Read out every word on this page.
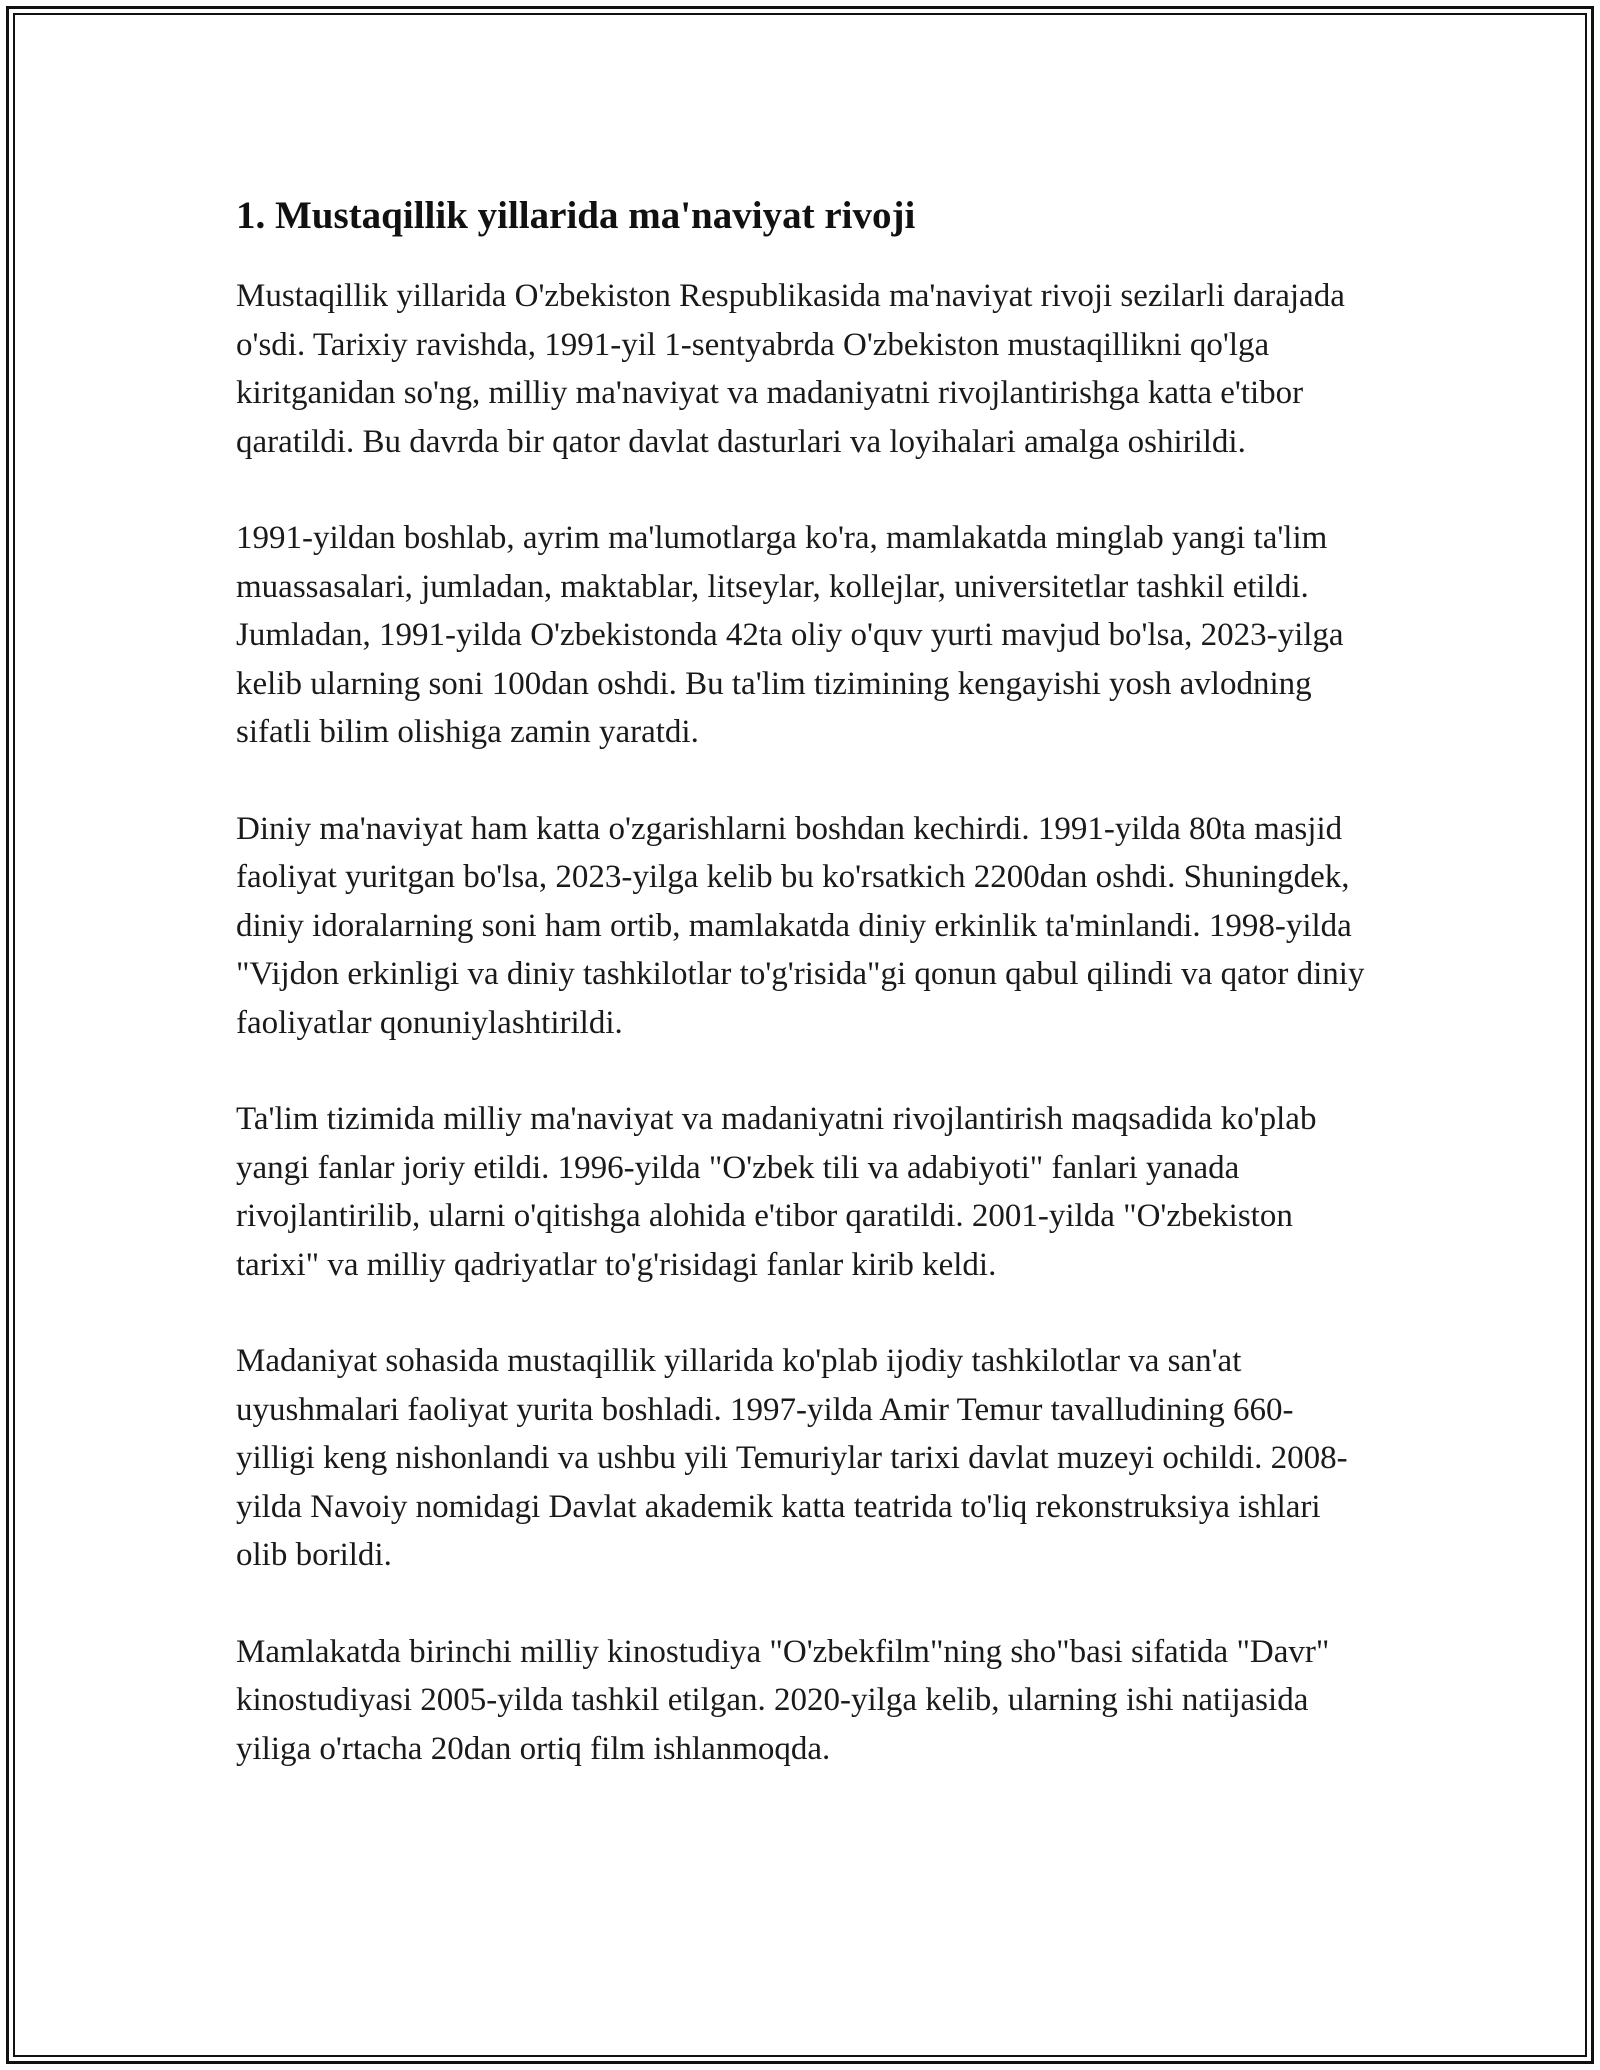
1. Mustaqillik yillarida ma'naviyat rivoji

Mustaqillik yillarida O'zbekiston Respublikasida ma'naviyat rivoji sezilarli darajada o'sdi. Tarixiy ravishda, 1991-yil 1-sentyabrda O'zbekiston mustaqillikni qo'lga kiritganidan so'ng, milliy ma'naviyat va madaniyatni rivojlantirishga katta e'tibor qaratildi. Bu davrda bir qator davlat dasturlari va loyihalari amalga oshirildi.

1991-yildan boshlab, ayrim ma'lumotlarga ko'ra, mamlakatda minglab yangi ta'lim muassasalari, jumladan, maktablar, litseylar, kollejlar, universitetlar tashkil etildi. Jumladan, 1991-yilda O'zbekistonda 42ta oliy o'quv yurti mavjud bo'lsa, 2023-yilga kelib ularning soni 100dan oshdi. Bu ta'lim tizimining kengayishi yosh avlodning sifatli bilim olishiga zamin yaratdi.

Diniy ma'naviyat ham katta o'zgarishlarni boshdan kechirdi. 1991-yilda 80ta masjid faoliyat yuritgan bo'lsa, 2023-yilga kelib bu ko'rsatkich 2200dan oshdi. Shuningdek, diniy idoralarning soni ham ortib, mamlakatda diniy erkinlik ta'minlandi. 1998-yilda "Vijdon erkinligi va diniy tashkilotlar to'g'risida"gi qonun qabul qilindi va qator diniy faoliyatlar qonuniylashtirildi.

Ta'lim tizimida milliy ma'naviyat va madaniyatni rivojlantirish maqsadida ko'plab yangi fanlar joriy etildi. 1996-yilda "O'zbek tili va adabiyoti" fanlari yanada rivojlantirilib, ularni o'qitishga alohida e'tibor qaratildi. 2001-yilda "O'zbekiston tarixi" va milliy qadriyatlar to'g'risidagi fanlar kirib keldi.

Madaniyat sohasida mustaqillik yillarida ko'plab ijodiy tashkilotlar va san'at uyushmalari faoliyat yurita boshladi. 1997-yilda Amir Temur tavalludining 660-yilligi keng nishonlandi va ushbu yili Temuriylar tarixi davlat muzeyi ochildi. 2008-yilda Navoiy nomidagi Davlat akademik katta teatrida to'liq rekonstruksiya ishlari olib borildi.

Mamlakatda birinchi milliy kinostudiya "O'zbekfilm"ning sho"basi sifatida "Davr" kinostudiyasi 2005-yilda tashkil etilgan. 2020-yilga kelib, ularning ishi natijasida yiliga o'rtacha 20dan ortiq film ishlanmoqda.
